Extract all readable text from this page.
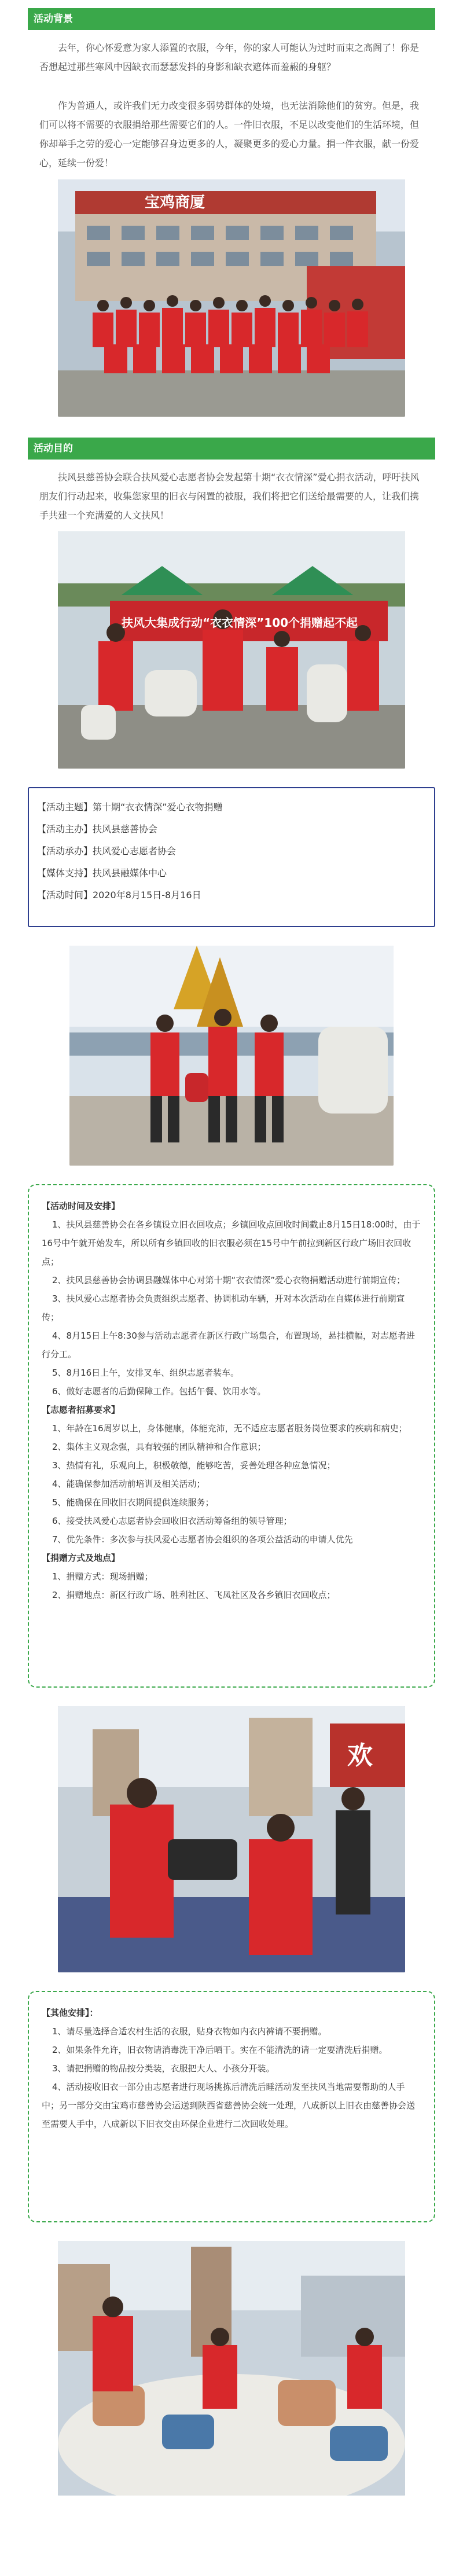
活动背景

去年，你心怀爱意为家人添置的衣服，今年，你的家人可能认为过时而束之高阁了！你是否想起过那些寒风中因缺衣而瑟瑟发抖的身影和缺衣遮体而羞赧的身躯？

作为普通人，或许我们无力改变很多弱势群体的处境，也无法消除他们的贫穷。但是，我们可以将不需要的衣服捐给那些需要它们的人。一件旧衣服，不足以改变他们的生活环境，但你却举手之劳的爱心一定能够召身边更多的人，凝聚更多的爱心力量。捐一件衣服，献一份爱心，延续一份爱！

宝鸡商厦
活动目的

扶风县慈善协会联合扶风爱心志愿者协会发起第十期“衣衣情深”爱心捐衣活动，呼吁扶风朋友们行动起来，收集您家里的旧衣与闲置的被服，我们将把它们送给最需要的人，让我们携手共建一个充满爱的人文扶风！

扶风大集成行动“衣衣情深”100个捐赠起不起
【活动主题】第十期“衣衣情深”爱心衣物捐赠
【活动主办】扶风县慈善协会
【活动承办】扶风爱心志愿者协会
【媒体支持】扶风县融媒体中心
【活动时间】2020年8月15日-8月16日

【活动时间及安排】

1、扶风县慈善协会在各乡镇设立旧衣回收点；乡镇回收点回收时间截止8月15日18:00时，由于16号中午就开始发车，所以所有乡镇回收的旧衣服必须在15号中午前拉到新区行政广场旧衣回收点；

2、扶风县慈善协会协调县融媒体中心对第十期“衣衣情深”爱心衣物捐赠活动进行前期宣传；

3、扶风爱心志愿者协会负责组织志愿者、协调机动车辆，开对本次活动在自媒体进行前期宣传；

4、8月15日上午8:30参与活动志愿者在新区行政广场集合，布置现场，悬挂横幅，对志愿者进行分工。

5、8月16日上午，安排叉车、组织志愿者装车。

6、做好志愿者的后勤保障工作。包括午餐、饮用水等。

【志愿者招募要求】

1、年龄在16周岁以上，身体健康，体能充沛，无不适应志愿者服务岗位要求的疾病和病史；

2、集体主义观念强，具有较强的团队精神和合作意识；

3、热情有礼，乐观向上，积极敬德，能够吃苦，妥善处理各种应急情况；

4、能确保参加活动前培训及相关活动；

5、能确保在回收旧衣期间提供连续服务；

6、接受扶风爱心志愿者协会回收旧衣活动筹备组的领导管理；

7、优先条件：多次参与扶风爱心志愿者协会组织的各项公益活动的申请人优先

【捐赠方式及地点】

1、捐赠方式：现场捐赠；

2、捐赠地点：新区行政广场、胜利社区、飞凤社区及各乡镇旧衣回收点；

欢

【其他安排】：

1、请尽量选择合适农村生活的衣服，贴身衣物如内衣内裤请不要捐赠。

2、如果条件允许，旧衣物请消毒洗干净后晒干。实在不能清洗的请一定要清洗后捐赠。

3、请把捐赠的物品按分类装，衣服把大人、小孩分开装。

4、活动接收旧衣一部分由志愿者进行现场挑拣后清洗后睡活动发至扶风当地需要帮助的人手中；另一部分交由宝鸡市慈善协会运送到陕西省慈善协会统一处理，八成新以上旧衣由慈善协会送至需要人手中，八成新以下旧衣交由环保企业进行二次回收处理。
